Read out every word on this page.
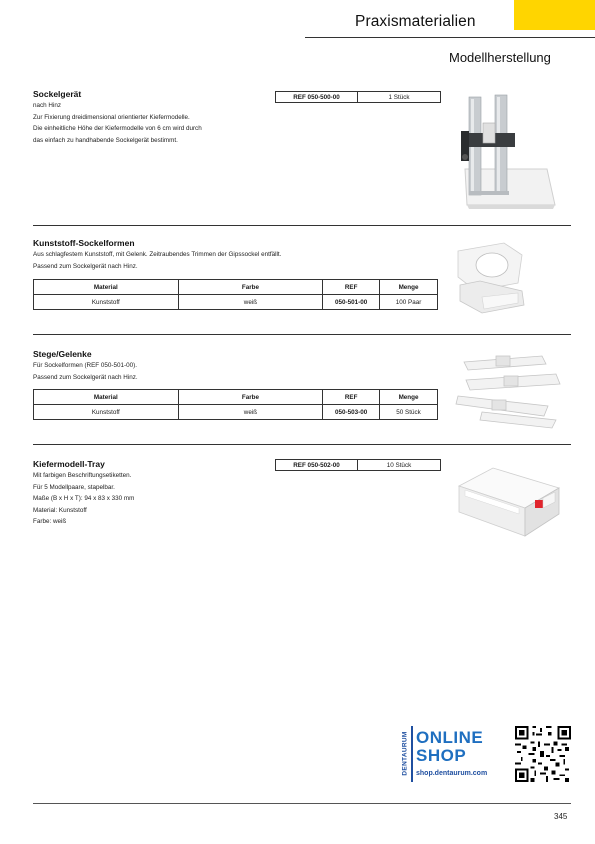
Praxismaterialien
Modellherstellung
Sockelgerät
nach Hinz
Zur Fixierung dreidimensional orientierter Kiefermodelle.
Die einheitliche Höhe der Kiefermodelle von 6 cm wird durch
das einfach zu handhabende Sockelgerät bestimmt.
REF 050-500-00	1 Stück
Kunststoff-Sockelformen
Aus schlagfestem Kunststoff, mit Gelenk. Zeitraubendes Trimmen der Gipssockel entfällt.
Passend zum Sockelgerät nach Hinz.
Material	Farbe	REF	Menge
Kunststoff	weiß	050-501-00	100 Paar
Stege/Gelenke
Für Sockelformen (REF 050-501-00).
Passend zum Sockelgerät nach Hinz.
Material	Farbe	REF	Menge
Kunststoff	weiß	050-503-00	50 Stück
Kiefermodell-Tray
Mit farbigen Beschriftungsetiketten.
Für 5 Modellpaare, stapelbar.
Maße (B x H x T): 94 x 83 x 330 mm
Material: Kunststoff
Farbe: weiß
REF 050-502-00	10 Stück
DENTAURUM ONLINE
SHOP
shop.dentaurum.com
345
